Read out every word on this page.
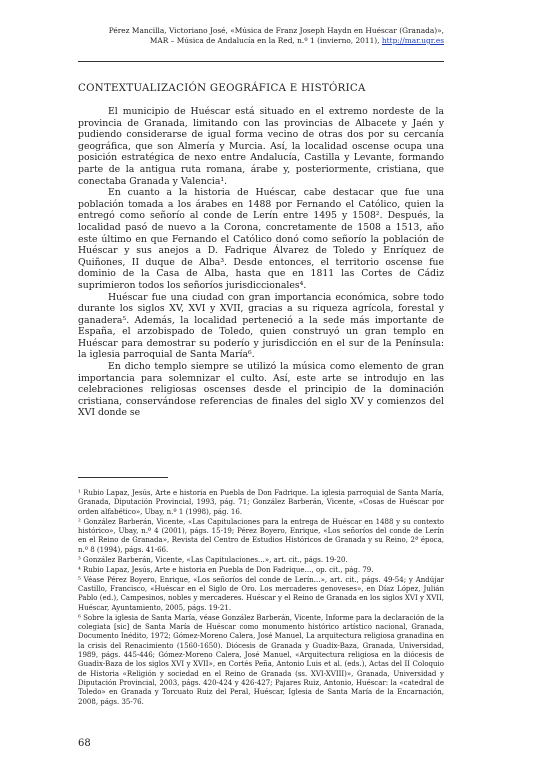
Pérez Mancilla, Victoriano José, «Música de Franz Joseph Haydn en Huéscar (Granada)»,
MAR – Música de Andalucía en la Red, n.º 1 (invierno, 2011), http://mar.ugr.es
CONTEXTUALIZACIÓN GEOGRÁFICA E HISTÓRICA

El municipio de Huéscar está situado en el extremo nordeste de la provincia de Granada, limitando con las provincias de Albacete y Jaén y pudiendo considerarse de igual forma vecino de otras dos por su cercanía geográfica, que son Almería y Murcia. Así, la localidad oscense ocupa una posición estratégica de nexo entre Andalucía, Castilla y Levante, formando parte de la antigua ruta romana, árabe y, posteriormente, cristiana, que conectaba Granada y Valencia¹.

En cuanto a la historia de Huéscar, cabe destacar que fue una población tomada a los árabes en 1488 por Fernando el Católico, quien la entregó como señorío al conde de Lerín entre 1495 y 1508². Después, la localidad pasó de nuevo a la Corona, concretamente de 1508 a 1513, año este último en que Fernando el Católico donó como señorío la población de Huéscar y sus anejos a D. Fadrique Álvarez de Toledo y Enríquez de Quiñones, II duque de Alba³. Desde entonces, el territorio oscense fue dominio de la Casa de Alba, hasta que en 1811 las Cortes de Cádiz suprimieron todos los señoríos jurisdiccionales⁴.

Huéscar fue una ciudad con gran importancia económica, sobre todo durante los siglos XV, XVI y XVII, gracias a su riqueza agrícola, forestal y ganadera⁵. Además, la localidad perteneció a la sede más importante de España, el arzobispado de Toledo, quien construyó un gran templo en Huéscar para demostrar su poderío y jurisdicción en el sur de la Península: la iglesia parroquial de Santa María⁶.

En dicho templo siempre se utilizó la música como elemento de gran importancia para solemnizar el culto. Así, este arte se introdujo en las celebraciones religiosas oscenses desde el principio de la dominación cristiana, conservándose referencias de finales del siglo XV y comienzos del XVI donde se

¹ Rubio Lapaz, Jesús, Arte e historia en Puebla de Don Fadrique. La iglesia parroquial de Santa María, Granada, Diputación Provincial, 1993, pág. 71; González Barberán, Vicente, «Cosas de Huéscar por orden alfabético», Ubay, n.º 1 (1998), pág. 16.

² González Barberán, Vicente, «Las Capitulaciones para la entrega de Huéscar en 1488 y su contexto histórico», Ubay, n.º 4 (2001), págs. 15-19; Pérez Boyero, Enrique, «Los señoríos del conde de Lerín en el Reino de Granada», Revista del Centro de Estudios Históricos de Granada y su Reino, 2ª época, n.º 8 (1994), págs. 41-66.

³ González Barberán, Vicente, «Las Capitulaciones…», art. cit., págs. 19-20.

⁴ Rubio Lapaz, Jesús, Arte e historia en Puebla de Don Fadrique…, op. cit., pág. 79.

⁵ Véase Pérez Boyero, Enrique, «Los señoríos del conde de Lerín…», art. cit., págs. 49-54; y Andújar Castillo, Francisco, «Huéscar en el Siglo de Oro. Los mercaderes genoveses», en Díaz López, Julián Pablo (ed.), Campesinos, nobles y mercaderes. Huéscar y el Reino de Granada en los siglos XVI y XVII, Huéscar, Ayuntamiento, 2005, págs. 19-21.

⁶ Sobre la iglesia de Santa María, véase González Barberán, Vicente, Informe para la declaración de la colegiata [sic] de Santa María de Huéscar como monumento histórico artístico nacional, Granada, Documento Inédito, 1972; Gómez-Moreno Calera, José Manuel, La arquitectura religiosa granadina en la crisis del Renacimiento (1560-1650). Diócesis de Granada y Guadix-Baza, Granada, Universidad, 1989, págs. 445-446; Gómez-Moreno Calera, José Manuel, «Arquitectura religiosa en la diócesis de Guadix-Baza de los siglos XVI y XVII», en Cortés Peña, Antonio Luis et al. (eds.), Actas del II Coloquio de Historia «Religión y sociedad en el Reino de Granada (ss. XVI-XVIII)», Granada, Universidad y Diputación Provincial, 2003, págs. 420-424 y 426-427; Pajares Ruiz, Antonio, Huéscar: la «catedral de Toledo» en Granada y Torcuato Ruiz del Peral, Huéscar, Iglesia de Santa María de la Encarnación, 2008, págs. 35-76.

68
